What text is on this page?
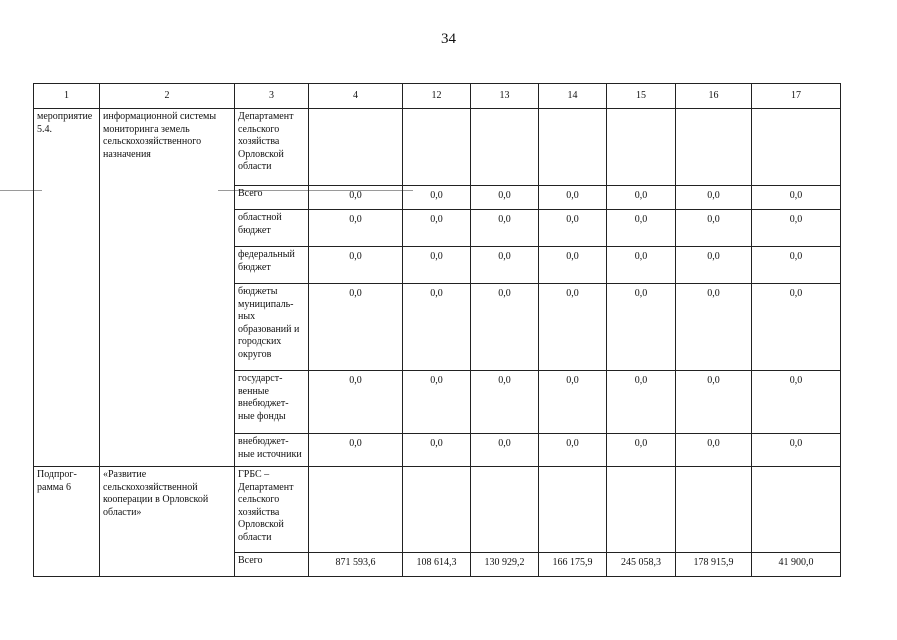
34
1	2	3	4	12	13	14	15	16	17
мероприятие 5.4.	информационной системы мониторинга земель сельскохозяйственного назначения	Департамент сельского хозяйства Орловской области							
		Всего	0,0	0,0	0,0	0,0	0,0	0,0	0,0
		областной бюджет	0,0	0,0	0,0	0,0	0,0	0,0	0,0
		федеральный бюджет	0,0	0,0	0,0	0,0	0,0	0,0	0,0
		бюджеты муниципаль-ных образований и городских округов	0,0	0,0	0,0	0,0	0,0	0,0	0,0
		государст-венные внебюджет-ные фонды	0,0	0,0	0,0	0,0	0,0	0,0	0,0
		внебюджет-ные источники	0,0	0,0	0,0	0,0	0,0	0,0	0,0
Подпрог-рамма 6	«Развитие сельскохозяйственной кооперации в Орловской области»	ГРБС – Департамент сельского хозяйства Орловской области							
		Всего	871 593,6	108 614,3	130 929,2	166 175,9	245 058,3	178 915,9	41 900,0
